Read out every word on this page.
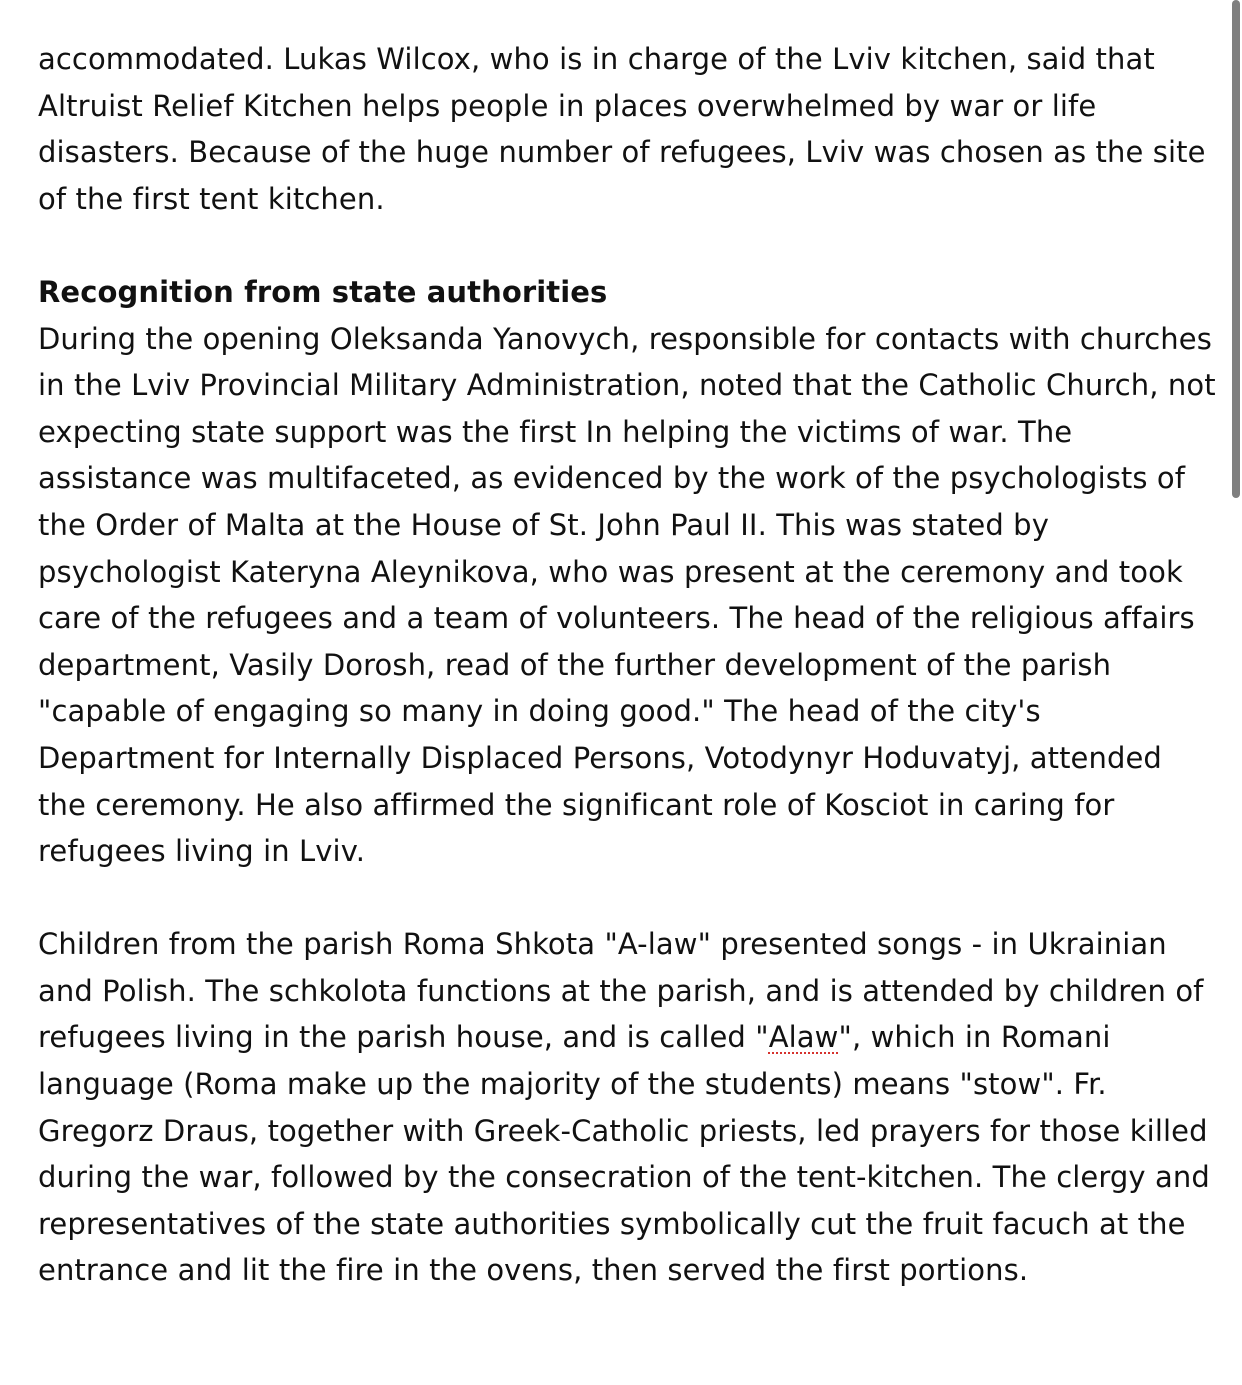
accommodated. Lukas Wilcox, who is in charge of the Lviv kitchen, said that Altruist Relief Kitchen helps people in places overwhelmed by war or life disasters. Because of the huge number of refugees, Lviv was chosen as the site of the first tent kitchen.

Recognition from state authorities

During the opening Oleksanda Yanovych, responsible for contacts with churches in the Lviv Provincial Military Administration, noted that the Catholic Church, not expecting state support was the first In helping the victims of war. The assistance was multifaceted, as evidenced by the work of the psychologists of the Order of Malta at the House of St. John Paul II. This was stated by psychologist Kateryna Aleynikova, who was present at the ceremony and took care of the refugees and a team of volunteers. The head of the religious affairs department, Vasily Dorosh, read of the further development of the parish "capable of engaging so many in doing good." The head of the city's Department for Internally Displaced Persons, Votodynyr Hoduvatyj, attended the ceremony. He also affirmed the significant role of Kosciot in caring for refugees living in Lviv.

Children from the parish Roma Shkota "A-law" presented songs - in Ukrainian and Polish. The schkolota functions at the parish, and is attended by children of refugees living in the parish house, and is called "Alaw", which in Romani language (Roma make up the majority of the students) means "stow". Fr. Gregorz Draus, together with Greek-Catholic priests, led prayers for those killed during the war, followed by the consecration of the tent-kitchen. The clergy and representatives of the state authorities symbolically cut the fruit facuch at the entrance and lit the fire in the ovens, then served the first portions.
